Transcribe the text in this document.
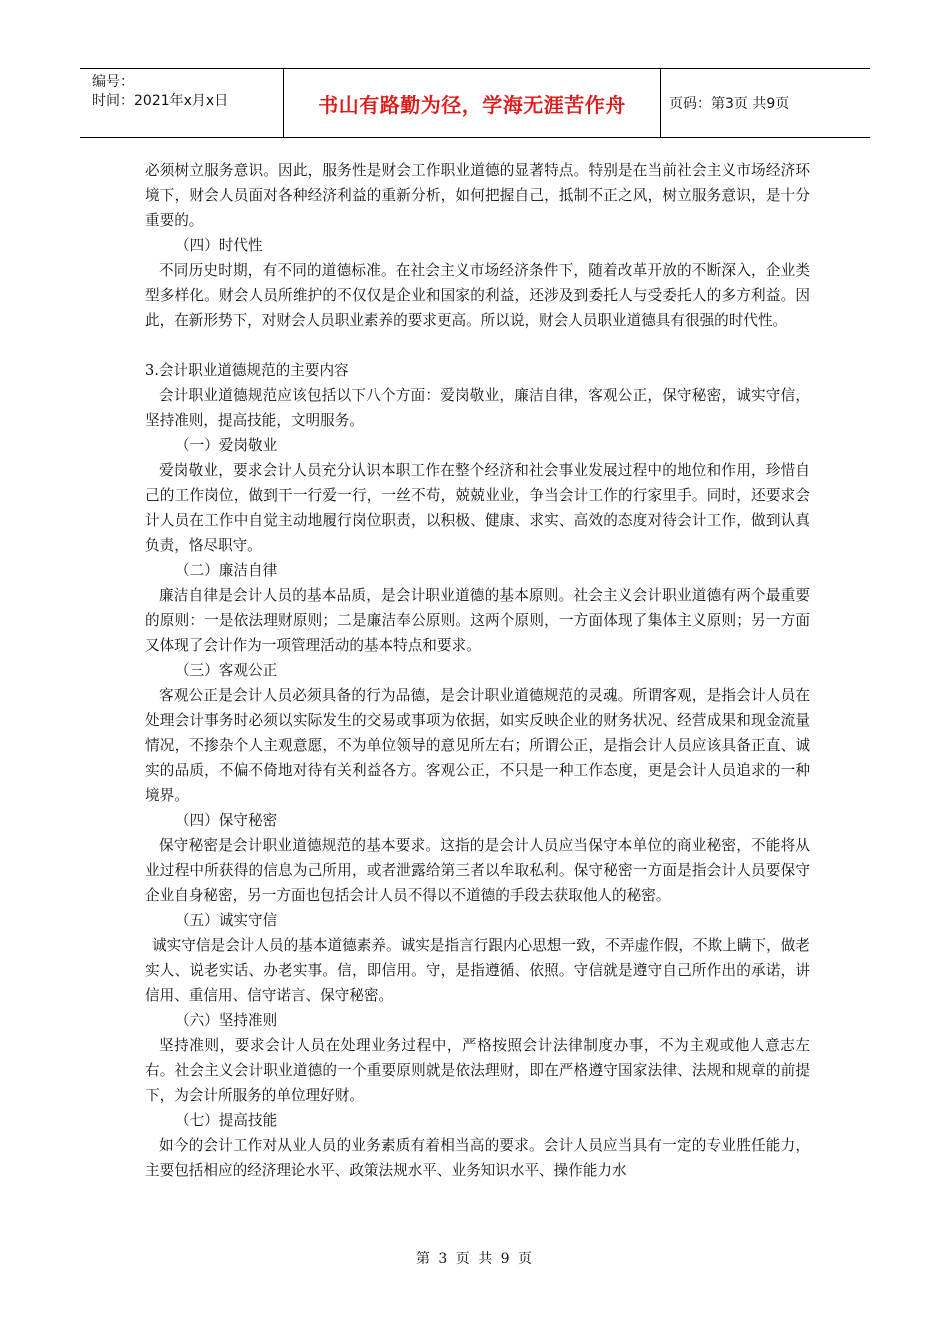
编号：
时间：2021年x月x日	书山有路勤为径，学海无涯苦作舟	页码：第3页 共9页

必须树立服务意识。因此，服务性是财会工作职业道德的显著特点。特别是在当前社会主义市场经济环境下，财会人员面对各种经济利益的重新分析，如何把握自己，抵制不正之风，树立服务意识，是十分重要的。

（四）时代性

不同历史时期，有不同的道德标准。在社会主义市场经济条件下，随着改革开放的不断深入，企业类型多样化。财会人员所维护的不仅仅是企业和国家的利益，还涉及到委托人与受委托人的多方利益。因此，在新形势下，对财会人员职业素养的要求更高。所以说，财会人员职业道德具有很强的时代性。

3.会计职业道德规范的主要内容

会计职业道德规范应该包括以下八个方面：爱岗敬业，廉洁自律，客观公正，保守秘密，诚实守信，坚持准则，提高技能，文明服务。

（一）爱岗敬业

爱岗敬业，要求会计人员充分认识本职工作在整个经济和社会事业发展过程中的地位和作用，珍惜自己的工作岗位，做到干一行爱一行，一丝不苟，兢兢业业，争当会计工作的行家里手。同时，还要求会计人员在工作中自觉主动地履行岗位职责，以积极、健康、求实、高效的态度对待会计工作，做到认真负责，恪尽职守。

（二）廉洁自律

廉洁自律是会计人员的基本品质，是会计职业道德的基本原则。社会主义会计职业道德有两个最重要的原则：一是依法理财原则；二是廉洁奉公原则。这两个原则，一方面体现了集体主义原则；另一方面又体现了会计作为一项管理活动的基本特点和要求。

（三）客观公正

客观公正是会计人员必须具备的行为品德，是会计职业道德规范的灵魂。所谓客观，是指会计人员在处理会计事务时必须以实际发生的交易或事项为依据，如实反映企业的财务状况、经营成果和现金流量情况，不掺杂个人主观意愿，不为单位领导的意见所左右；所谓公正，是指会计人员应该具备正直、诚实的品质，不偏不倚地对待有关利益各方。客观公正，不只是一种工作态度，更是会计人员追求的一种境界。

（四）保守秘密

保守秘密是会计职业道德规范的基本要求。这指的是会计人员应当保守本单位的商业秘密，不能将从业过程中所获得的信息为己所用，或者泄露给第三者以牟取私利。保守秘密一方面是指会计人员要保守企业自身秘密，另一方面也包括会计人员不得以不道德的手段去获取他人的秘密。

（五）诚实守信

诚实守信是会计人员的基本道德素养。诚实是指言行跟内心思想一致，不弄虚作假，不欺上瞒下，做老实人、说老实话、办老实事。信，即信用。守，是指遵循、依照。守信就是遵守自己所作出的承诺，讲信用、重信用、信守诺言、保守秘密。

（六）坚持准则

坚持准则，要求会计人员在处理业务过程中，严格按照会计法律制度办事，不为主观或他人意志左右。社会主义会计职业道德的一个重要原则就是依法理财，即在严格遵守国家法律、法规和规章的前提下，为会计所服务的单位理好财。

（七）提高技能

如今的会计工作对从业人员的业务素质有着相当高的要求。会计人员应当具有一定的专业胜任能力，主要包括相应的经济理论水平、政策法规水平、业务知识水平、操作能力水

第 3 页 共 9 页
